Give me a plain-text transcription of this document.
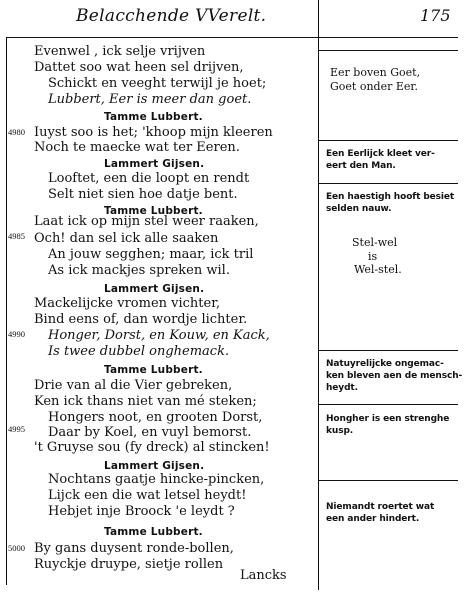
Belacchende VVerelt.	175
4980
4985
4990
4995
5000
Evenwel , ick selje vrijven
Dattet soo wat heen sel drijven,
Schickt en veeght terwijl je hoet;
Lubbert, Eer is meer dan goet.
Tamme Lubbert.
Iuyst soo is het; 'khoop mijn kleeren
Noch te maecke wat ter Eeren.
Lammert Gijsen.
Looftet, een die loopt en rendt
Selt niet sien hoe datje bent.
Tamme Lubbert.
Laat ick op mijn stel weer raaken,
Och! dan sel ick alle saaken
An jouw segghen; maar, ick tril
As ick mackjes spreken wil.
Lammert Gijsen.
Mackelijcke vromen vichter,
Bind eens of, dan wordje lichter.
Honger, Dorst, en Kouw, en Kack,
Is twee dubbel onghemack.
Tamme Lubbert.
Drie van al die Vier gebreken,
Ken ick thans niet van mé steken;
Hongers noot, en grooten Dorst,
Daar by Koel, en vuyl bemorst.
't Gruyse sou (fy dreck) al stincken!
Lammert Gijsen.
Nochtans gaatje hincke-pincken,
Lijck een die wat letsel heydt!
Hebjet inje Broock 'e leydt ?
Tamme Lubbert.
By gans duysent ronde-bollen,
Ruyckje druype, sietje rollen
Lancks
Eer boven Goet,
Goet onder Eer.
Een Eerlijck kleet ver-
eert den Man.
Een haestigh hooft besiet
selden nauw.
Stel-wel
is
Wel-stel.
Natuyrelijcke ongemac-
ken bleven aen de mensch-
heydt.
Hongher is een strenghe
kusp.
Niemandt roertet wat
een ander hindert.
